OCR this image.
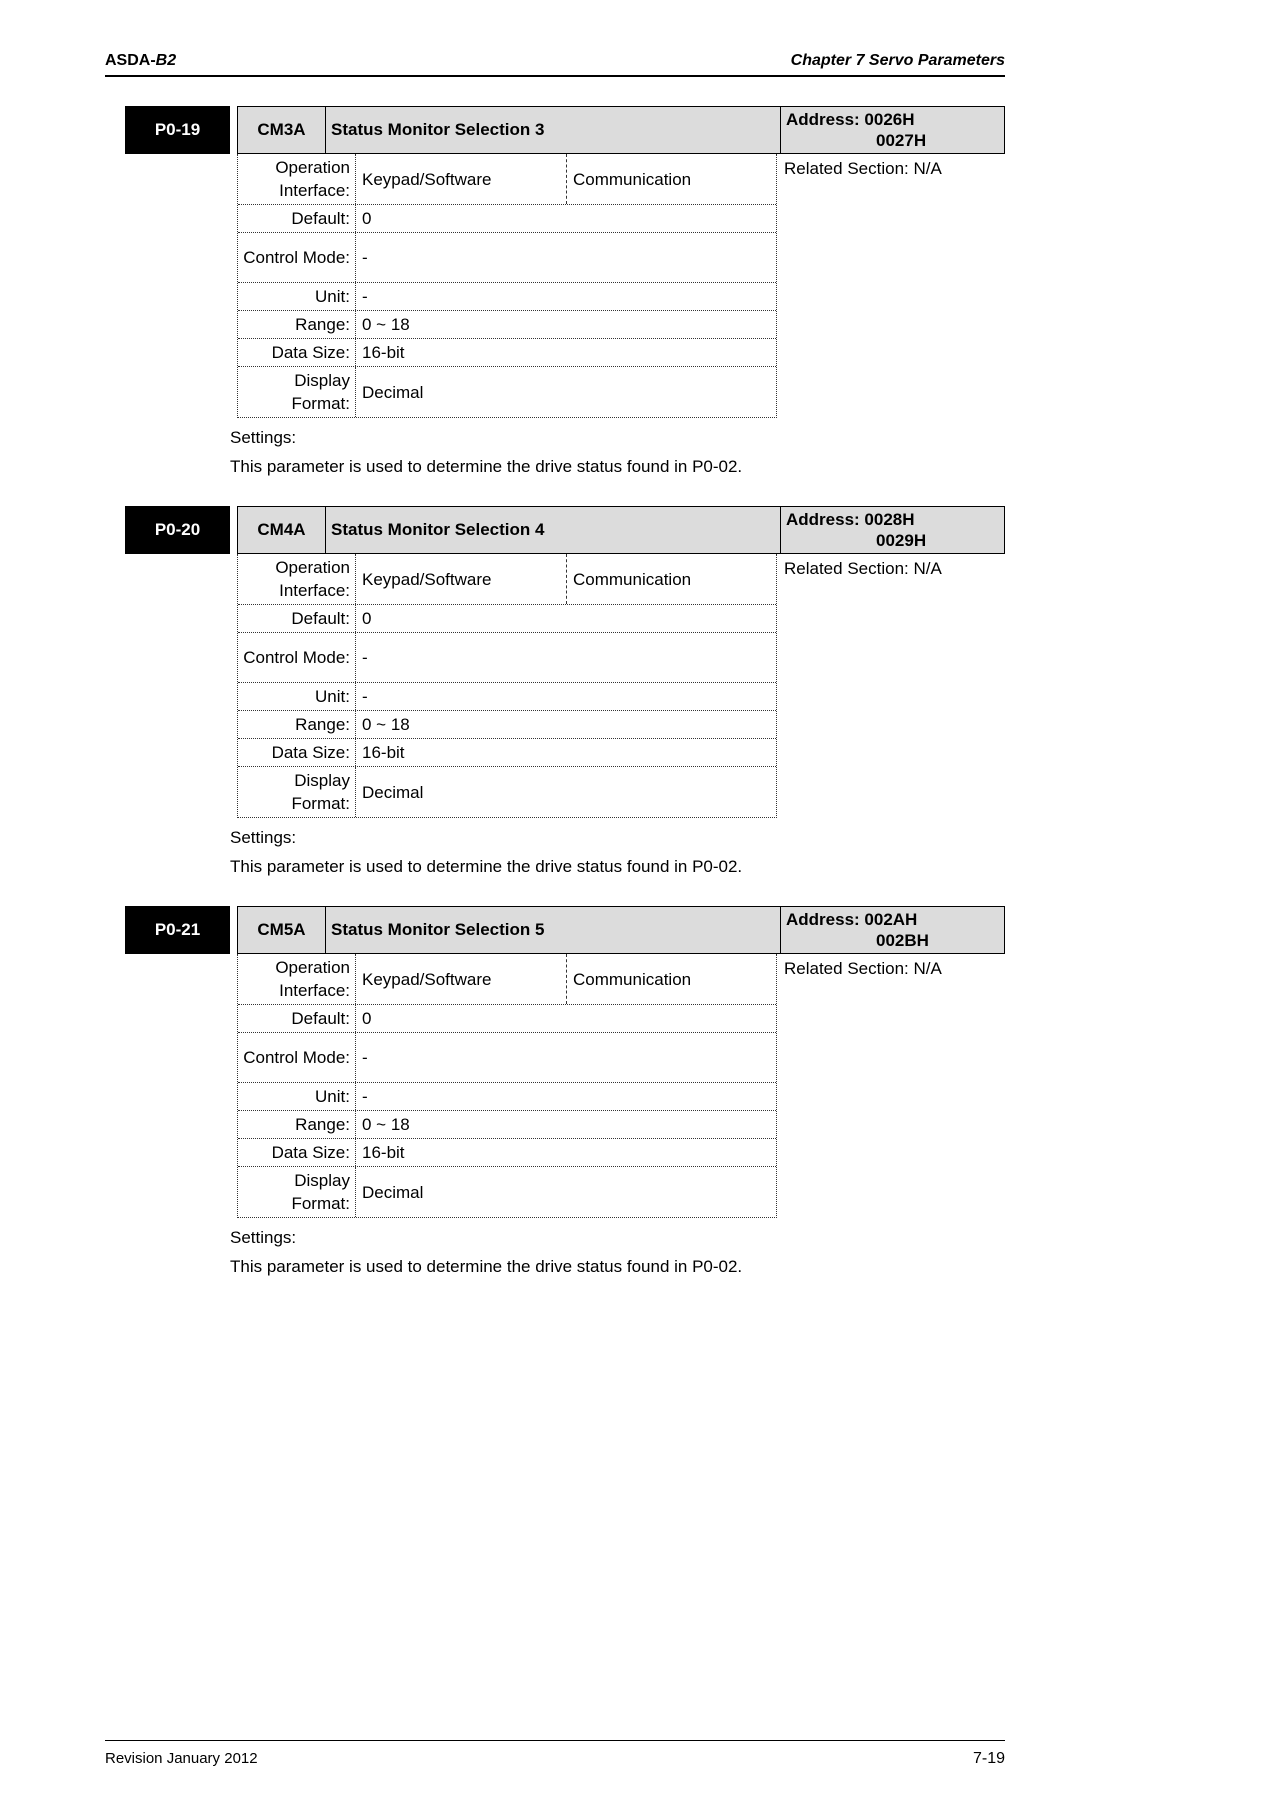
ASDA-B2	Chapter 7 Servo Parameters
P0-19	CM3A	Status Monitor Selection 3
Address: 0026H
0027H
Operation Interface:
Keypad/Software	Communication
Default: 0
Control Mode: -
Unit: -
Range: 0 ~ 18
Data Size: 16-bit
Display Format:
Decimal
Related Section: N/A
Settings:
This parameter is used to determine the drive status found in P0-02.
P0-20	CM4A	Status Monitor Selection 4
Address: 0028H
0029H
Operation Interface:
Keypad/Software	Communication
Default: 0
Control Mode: -
Unit: -
Range: 0 ~ 18
Data Size: 16-bit
Display Format:
Decimal
Related Section: N/A
Settings:
This parameter is used to determine the drive status found in P0-02.
P0-21	CM5A	Status Monitor Selection 5
Address: 002AH
002BH
Operation Interface:
Keypad/Software	Communication
Default: 0
Control Mode: -
Unit: -
Range: 0 ~ 18
Data Size: 16-bit
Display Format:
Decimal
Related Section: N/A
Settings:
This parameter is used to determine the drive status found in P0-02.
Revision January 2012	7-19
